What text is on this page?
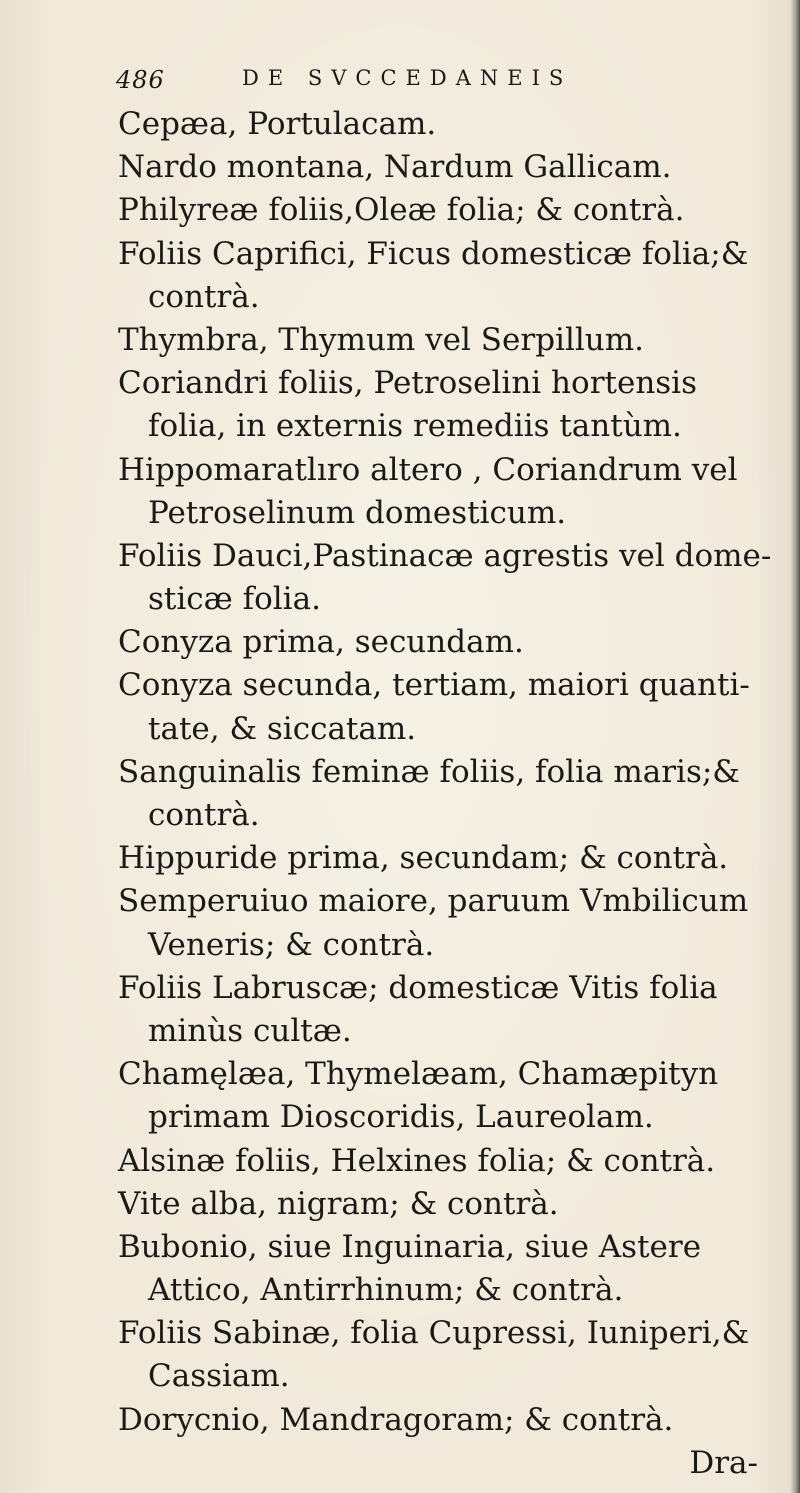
486	DE SVCCEDANEIS
Cepæa, Portulacam.
Nardo montana, Nardum Gallicam.
Philyreæ foliis,Oleæ folia; & contrà.
Foliis Caprifici, Ficus domesticæ folia;&
contrà.
Thymbra, Thymum vel Serpillum.
Coriandri foliis, Petroselini hortensis
folia, in externis remediis tantùm.
Hippomaratlıro altero , Coriandrum vel
Petroselinum domesticum.
Foliis Dauci,Pastinacæ agrestis vel dome-
sticæ folia.
Conyza prima, secundam.
Conyza secunda, tertiam, maiori quanti-
tate, & siccatam.
Sanguinalis feminæ foliis, folia maris;&
contrà.
Hippuride prima, secundam; & contrà.
Semperuiuo maiore, paruum Vmbilicum
Veneris; & contrà.
Foliis Labruscæ; domesticæ Vitis folia
minùs cultæ.
Chamęlæa, Thymelæam, Chamæpityn
primam Dioscoridis, Laureolam.
Alsinæ foliis, Helxines folia; & contrà.
Vite alba, nigram; & contrà.
Bubonio, siue Inguinaria, siue Astere
Attico, Antirrhinum; & contrà.
Foliis Sabinæ, folia Cupressi, Iuniperi,&
Cassiam.
Dorycnio, Mandragoram; & contrà.
Dra-
